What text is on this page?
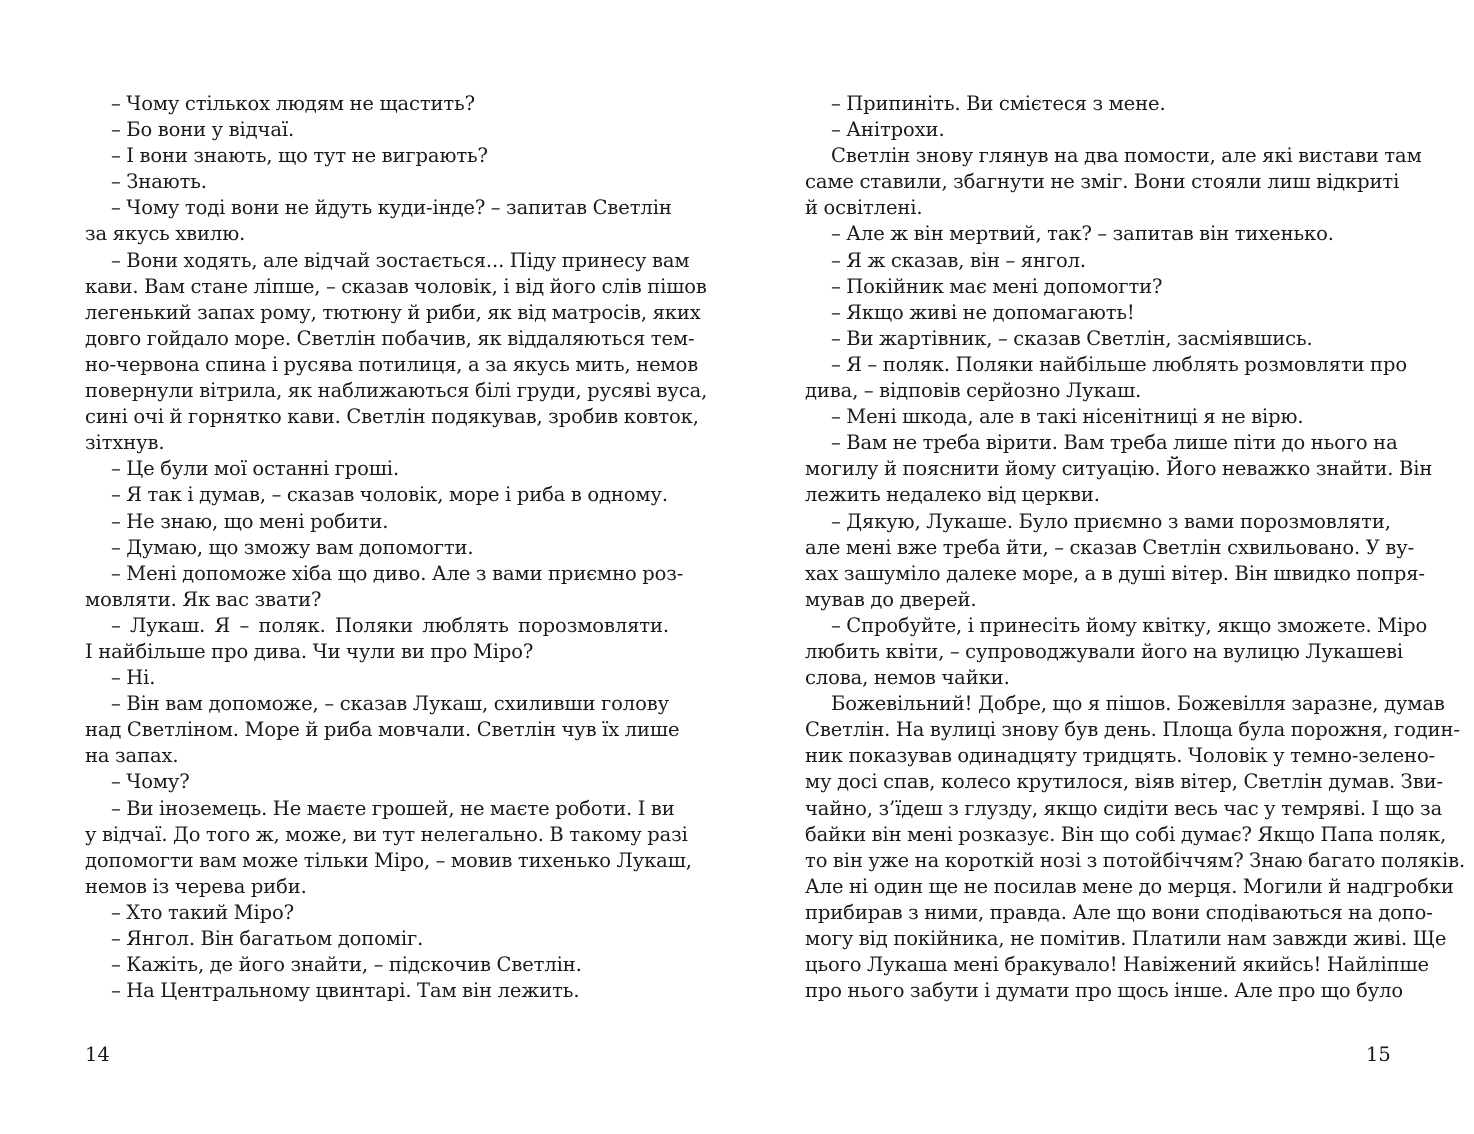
– Чому стількох людям не щастить?
– Бо вони у відчаї.
– І вони знають, що тут не виграють?
– Знають.
– Чому тоді вони не йдуть куди-інде? – запитав Светлін
за якусь хвилю.
– Вони ходять, але відчай зостається... Піду принесу вам
кави. Вам стане ліпше, – сказав чоловік, і від його слів пішов
легенький запах рому, тютюну й риби, як від матросів, яких
довго гойдало море. Светлін побачив, як віддаляються тем-
но-червона спина і русява потилиця, а за якусь мить, немов
повернули вітрила, як наближаються білі груди, русяві вуса,
сині очі й горнятко кави. Светлін подякував, зробив ковток,
зітхнув.
– Це були мої останні гроші.
– Я так і думав, – сказав чоловік, море і риба в одному.
– Не знаю, що мені робити.
– Думаю, що зможу вам допомогти.
– Мені допоможе хіба що диво. Але з вами приємно роз-
мовляти. Як вас звати?
– Лукаш. Я – поляк. Поляки люблять порозмовляти.
І найбільше про дива. Чи чули ви про Міро?
– Ні.
– Він вам допоможе, – сказав Лукаш, схиливши голову
над Светліном. Море й риба мовчали. Светлін чув їх лише
на запах.
– Чому?
– Ви іноземець. Не маєте грошей, не маєте роботи. І ви
у відчаї. До того ж, може, ви тут нелегально. В такому разі
допомогти вам може тільки Міро, – мовив тихенько Лукаш,
немов із черева риби.
– Хто такий Міро?
– Янгол. Він багатьом допоміг.
– Кажіть, де його знайти, – підскочив Светлін.
– На Центральному цвинтарі. Там він лежить.
14
– Припиніть. Ви смієтеся з мене.
– Анітрохи.
Светлін знову глянув на два помости, але які вистави там
саме ставили, збагнути не зміг. Вони стояли лиш відкриті
й освітлені.
– Але ж він мертвий, так? – запитав він тихенько.
– Я ж сказав, він – янгол.
– Покійник має мені допомогти?
– Якщо живі не допомагають!
– Ви жартівник, – сказав Светлін, засміявшись.
– Я – поляк. Поляки найбільше люблять розмовляти про
дива, – відповів серйозно Лукаш.
– Мені шкода, але в такі нісенітниці я не вірю.
– Вам не треба вірити. Вам треба лише піти до нього на
могилу й пояснити йому ситуацію. Його неважко знайти. Він
лежить недалеко від церкви.
– Дякую, Лукаше. Було приємно з вами порозмовляти,
але мені вже треба йти, – сказав Светлін схвильовано. У ву-
хах зашуміло далеке море, а в душі вітер. Він швидко попря-
мував до дверей.
– Спробуйте, і принесіть йому квітку, якщо зможете. Міро
любить квіти, – супроводжували його на вулицю Лукашеві
слова, немов чайки.
Божевільний! Добре, що я пішов. Божевілля заразне, думав
Светлін. На вулиці знову був день. Площа була порожня, годин-
ник показував одинадцяту тридцять. Чоловік у темно-зелено-
му досі спав, колесо крутилося, віяв вітер, Светлін думав. Зви-
чайно, з’їдеш з глузду, якщо сидіти весь час у темряві. І що за
байки він мені розказує. Він що собі думає? Якщо Папа поляк,
то він уже на короткій нозі з потойбіччям? Знаю багато поляків.
Але ні один ще не посилав мене до мерця. Могили й надгробки
прибирав з ними, правда. Але що вони сподіваються на допо-
могу від покійника, не помітив. Платили нам завжди живі. Ще
цього Лукаша мені бракувало! Навіжений якийсь! Найліпше
про нього забути і думати про щось інше. Але про що було
15
